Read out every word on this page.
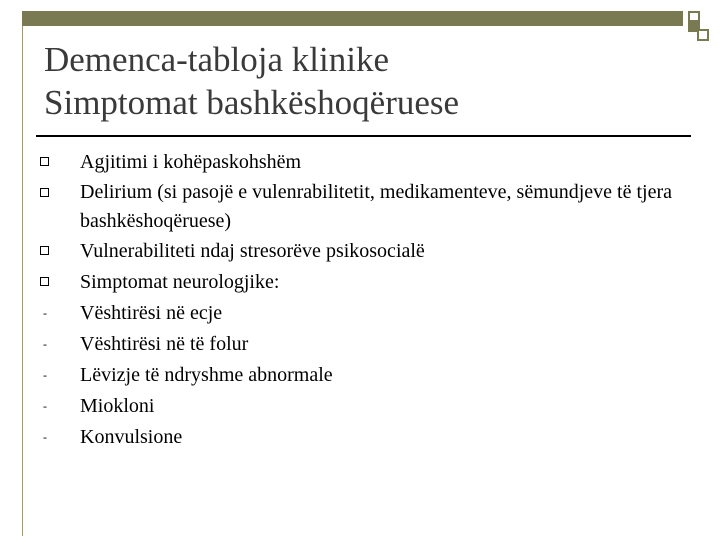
Demenca-tabloja klinike
Simptomat bashkëshoqëruese
Agjitimi i kohëpaskohshëm
Delirium (si pasojë e vulenrabilitetit, medikamenteve, sëmundjeve të tjera bashkëshoqëruese)
Vulnerabiliteti ndaj stresorëve psikosocialë
Simptomat neurologjike:
- Vështirësi në ecje
- Vështirësi në të folur
- Lëvizje të ndryshme abnormale
- Miokloni
- Konvulsione
